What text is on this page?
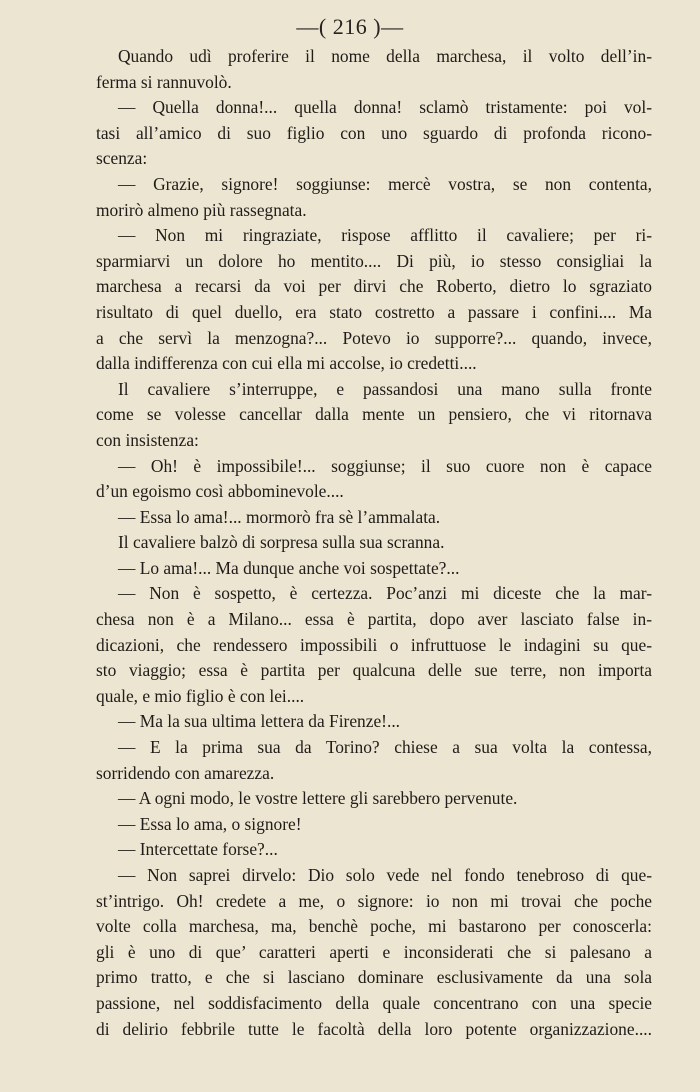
—( 216 )—
Quando udì proferire il nome della marchesa, il volto dell’in-
ferma si rannuvolò.
— Quella donna!... quella donna! sclamò tristamente: poi vol-
tasi all’amico di suo figlio con uno sguardo di profonda ricono-
scenza:
— Grazie, signore! soggiunse: mercè vostra, se non contenta,
morirò almeno più rassegnata.
— Non mi ringraziate, rispose afflitto il cavaliere; per ri-
sparmiarvi un dolore ho mentito.... Di più, io stesso consigliai la
marchesa a recarsi da voi per dirvi che Roberto, dietro lo sgraziato
risultato di quel duello, era stato costretto a passare i confini.... Ma
a che servì la menzogna?... Potevo io supporre?... quando, invece,
dalla indifferenza con cui ella mi accolse, io credetti....
Il cavaliere s’interruppe, e passandosi una mano sulla fronte
come se volesse cancellar dalla mente un pensiero, che vi ritornava
con insistenza:
— Oh! è impossibile!... soggiunse; il suo cuore non è capace
d’un egoismo così abbominevole....
— Essa lo ama!... mormorò fra sè l’ammalata.
Il cavaliere balzò di sorpresa sulla sua scranna.
— Lo ama!... Ma dunque anche voi sospettate?...
— Non è sospetto, è certezza. Poc’anzi mi diceste che la mar-
chesa non è a Milano... essa è partita, dopo aver lasciato false in-
dicazioni, che rendessero impossibili o infruttuose le indagini su que-
sto viaggio; essa è partita per qualcuna delle sue terre, non importa
quale, e mio figlio è con lei....
— Ma la sua ultima lettera da Firenze!...
— E la prima sua da Torino? chiese a sua volta la contessa,
sorridendo con amarezza.
— A ogni modo, le vostre lettere gli sarebbero pervenute.
— Essa lo ama, o signore!
— Intercettate forse?...
— Non saprei dirvelo: Dio solo vede nel fondo tenebroso di que-
st’intrigo. Oh! credete a me, o signore: io non mi trovai che poche
volte colla marchesa, ma, benchè poche, mi bastarono per conoscerla:
gli è uno di que’ caratteri aperti e inconsiderati che si palesano a
primo tratto, e che si lasciano dominare esclusivamente da una sola
passione, nel soddisfacimento della quale concentrano con una specie
di delirio febbrile tutte le facoltà della loro potente organizzazione....
